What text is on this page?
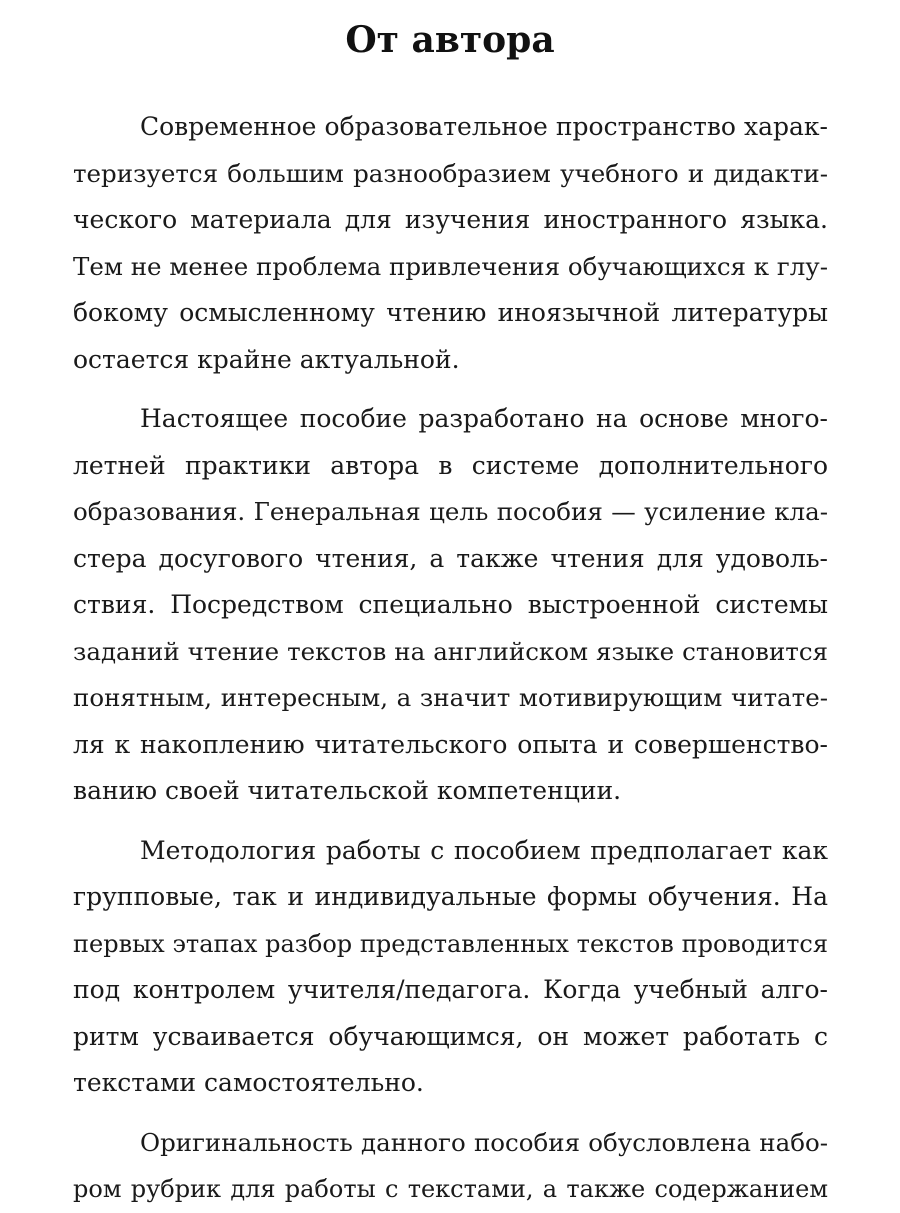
От автора
Современное образовательное пространство харак-
теризуется большим разнообразием учебного и дидакти-
ческого материала для изучения иностранного языка.
Тем не менее проблема привлечения обучающихся к глу-
бокому осмысленному чтению иноязычной литературы
остается крайне актуальной.
Настоящее пособие разработано на основе много-
летней практики автора в системе дополнительного
образования. Генеральная цель пособия — усиление кла-
стера досугового чтения, а также чтения для удоволь-
ствия. Посредством специально выстроенной системы
заданий чтение текстов на английском языке становится
понятным, интересным, а значит мотивирующим читате-
ля к накоплению читательского опыта и совершенство-
ванию своей читательской компетенции.
Методология работы с пособием предполагает как
групповые, так и индивидуальные формы обучения. На
первых этапах разбор представленных текстов проводится
под контролем учителя/педагога. Когда учебный алго-
ритм усваивается обучающимся, он может работать с
текстами самостоятельно.
Оригинальность данного пособия обусловлена набо-
ром рубрик для работы с текстами, а также содержанием
